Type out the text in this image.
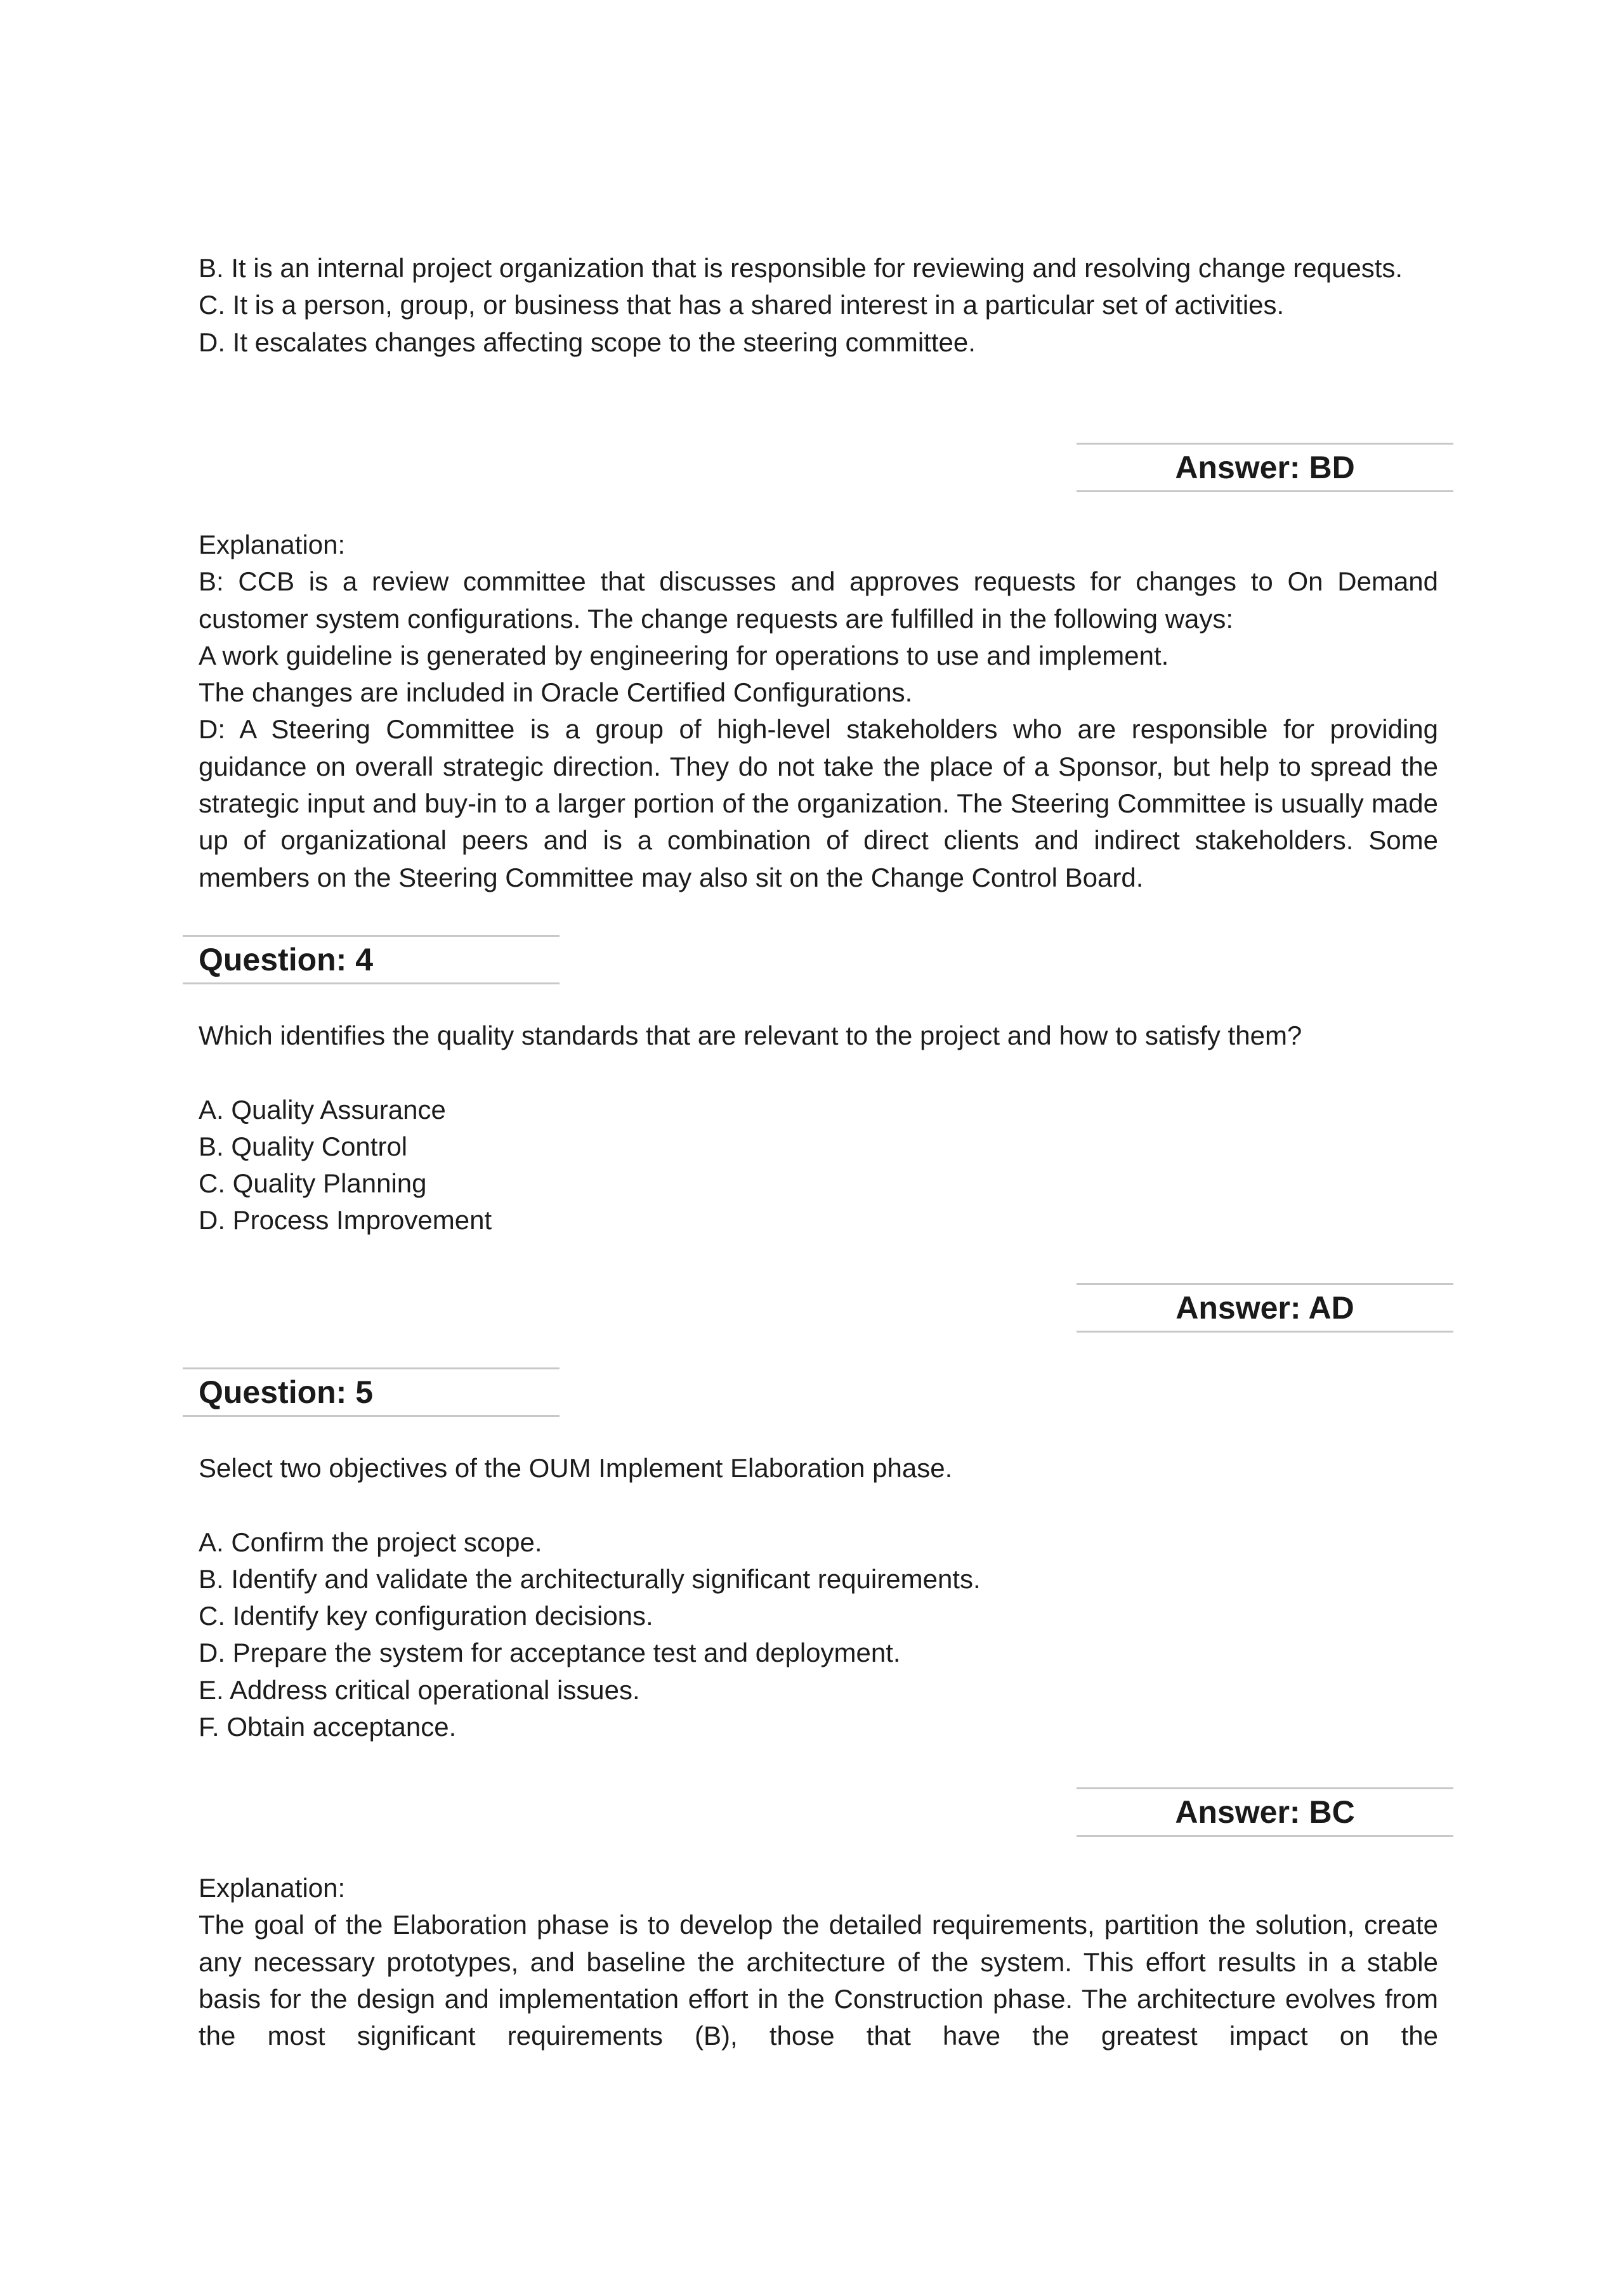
B. It is an internal project organization that is responsible for reviewing and resolving change requests.

C. It is a person, group, or business that has a shared interest in a particular set of activities.

D. It escalates changes affecting scope to the steering committee.

Answer: BD

Explanation:

B: CCB is a review committee that discusses and approves requests for changes to On Demand customer system configurations. The change requests are fulfilled in the following ways:

A work guideline is generated by engineering for operations to use and implement.

The changes are included in Oracle Certified Configurations.

D: A Steering Committee is a group of high-level stakeholders who are responsible for providing guidance on overall strategic direction. They do not take the place of a Sponsor, but help to spread the strategic input and buy-in to a larger portion of the organization. The Steering Committee is usually made up of organizational peers and is a combination of direct clients and indirect stakeholders. Some members on the Steering Committee may also sit on the Change Control Board.

Question: 4

Which identifies the quality standards that are relevant to the project and how to satisfy them?

A. Quality Assurance

B. Quality Control

C. Quality Planning

D. Process Improvement

Answer: AD
Question: 5

Select two objectives of the OUM Implement Elaboration phase.

A. Confirm the project scope.

B. Identify and validate the architecturally significant requirements.

C. Identify key configuration decisions.

D. Prepare the system for acceptance test and deployment.

E. Address critical operational issues.

F. Obtain acceptance.

Answer: BC

Explanation:

The goal of the Elaboration phase is to develop the detailed requirements, partition the solution, create any necessary prototypes, and baseline the architecture of the system. This effort results in a stable basis for the design and implementation effort in the Construction phase. The architecture evolves from the most significant requirements (B), those that have the greatest impact on the
